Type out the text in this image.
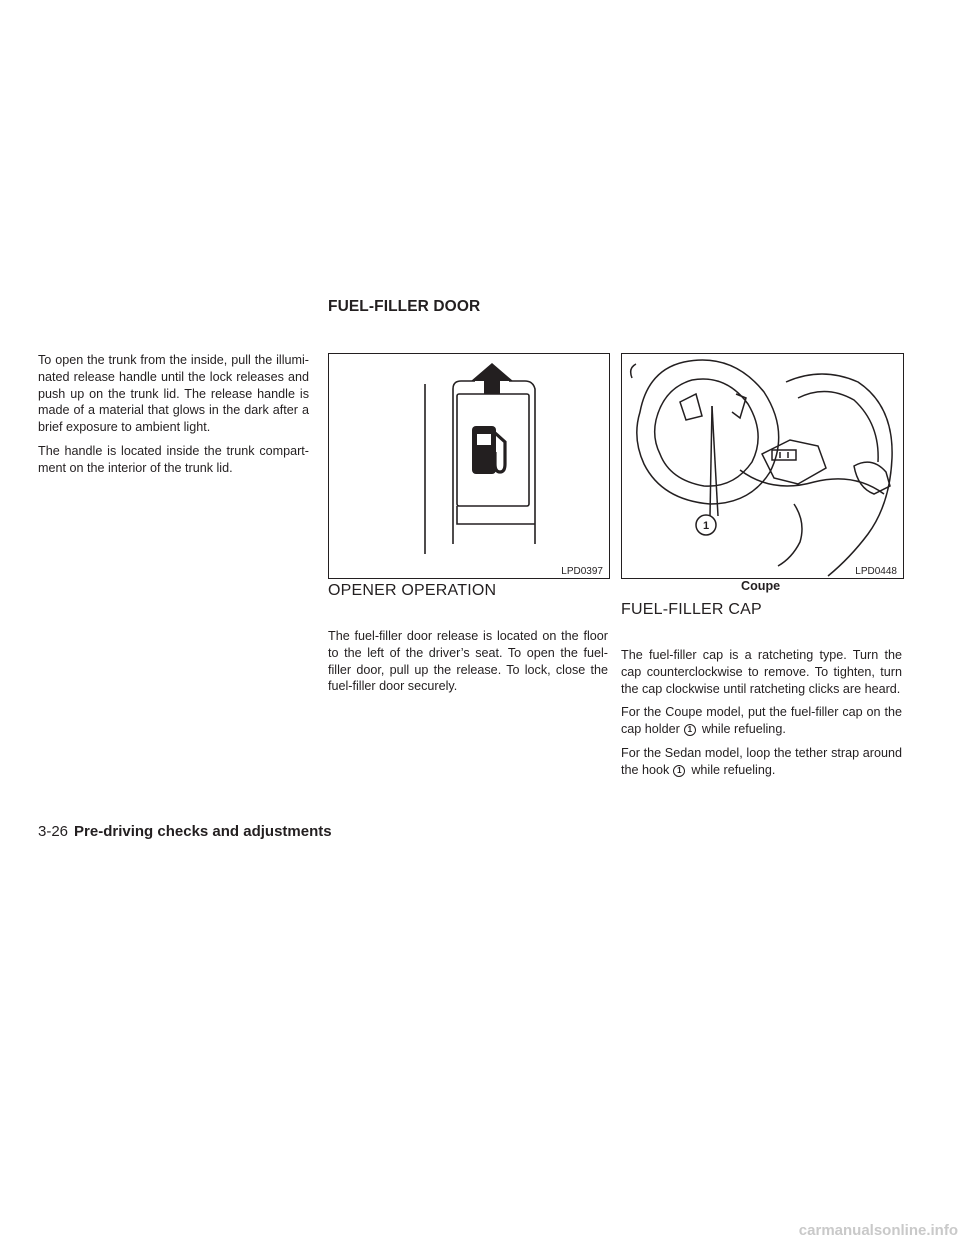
FUEL-FILLER DOOR

To open the trunk from the inside, pull the illumi-nated release handle until the lock releases and push up on the trunk lid. The release handle is made of a material that glows in the dark after a brief exposure to ambient light.

The handle is located inside the trunk compart-ment on the interior of the trunk lid.

LPD0397
1
LPD0448
Coupe
OPENER OPERATION

The fuel-filler door release is located on the floor to the left of the driver’s seat. To open the fuel-filler door, pull up the release. To lock, close the fuel-filler door securely.

FUEL-FILLER CAP

The fuel-filler cap is a ratcheting type. Turn the cap counterclockwise to remove. To tighten, turn the cap clockwise until ratcheting clicks are heard.

For the Coupe model, put the fuel-filler cap on the cap holder 1 while refueling.

For the Sedan model, loop the tether strap around the hook 1 while refueling.

3-26 Pre-driving checks and adjustments
carmanualsonline.info
